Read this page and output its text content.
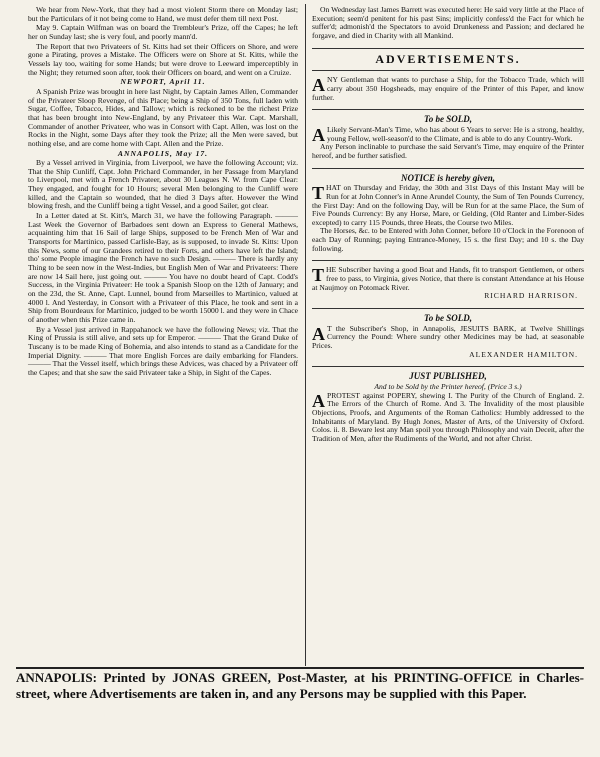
We hear from New-York, that they had a most violent Storm there on Monday last; but the Particulars of it not being come to Hand, we must defer them till next Post.

May 9. Captain Wilfman was on board the Trembleur's Prize, off the Capes; he left her on Sunday last; she is very foul, and poorly mann'd.

The Report that two Privateers of St. Kitts had set their Officers on Shore, and were gone a Pirating, proves a Mistake. The Officers were on Shore at St. Kitts, while the Vessels lay too, waiting for some Hands; but were drove to Leeward imperceptibly in the Night; they returned soon after, took their Officers on board, and went on a Cruize.

NEWPORT, April 11.

A Spanish Prize was brought in here last Night, by Captain James Allen, Commander of the Privateer Sloop Revenge, of this Place; being a Ship of 350 Tons, full laden with Sugar, Coffee, Tobacco, Hides, and Tallow; which is reckoned to be the richest Prize that has been brought into New-England, by any Privateer this War. Capt. Marshall, Commander of another Privateer, who was in Consort with Capt. Allen, was lost on the Rocks in the Night, some Days after they took the Prize; all the Men were saved, but nothing else, and are come home with Capt. Allen and the Prize.

ANNAPOLIS, May 17.

By a Vessel arrived in Virginia, from Liverpool, we have the following Account; viz. That the Ship Cunliff, Capt. John Prichard Commander, in her Passage from Maryland to Liverpool, met with a French Privateer, about 30 Leagues N. W. from Cape Clear: They engaged, and fought for 10 Hours; several Men belonging to the Cunliff were killed, and the Captain so wounded, that he died 3 Days after. However the Wind blowing fresh, and the Cunliff being a tight Vessel, and a good Sailer, got clear.

In a Letter dated at St. Kitt's, March 31, we have the following Paragraph. ——— Last Week the Governor of Barbadoes sent down an Express to General Mathews, acquainting him that 16 Sail of large Ships, supposed to be French Men of War and Transports for Martinico, passed Carlisle-Bay, as is supposed, to invade St. Kitts: Upon this News, some of our Grandees retired to their Forts, and others have left the Island; tho' some People imagine the French have no such Design. ——— There is hardly any Thing to be seen now in the West-Indies, but English Men of War and Privateers: There are now 14 Sail here, just going out. ——— You have no doubt heard of Capt. Codd's Success, in the Virginia Privateer: He took a Spanish Sloop on the 12th of January; and on the 23d, the St. Anne, Capt. Lunnel, bound from Marseilles to Martinico, valued at 4000 l. And Yesterday, in Consort with a Privateer of this Place, he took and sent in a Ship from Bourdeaux for Martinico, judged to be worth 15000 l. and they were in Chace of another when this Prize came in.

By a Vessel just arrived in Rappahanock we have the following News; viz. That the King of Prussia is still alive, and sets up for Emperor. ——— That the Grand Duke of Tuscany is to be made King of Bohemia, and also intends to stand as a Candidate for the Imperial Dignity. ——— That more English Forces are daily embarking for Flanders. ——— That the Vessel itself, which brings these Advices, was chaced by a Privateer off the Capes; and that she saw the said Privateer take a Ship, in Sight of the Capes.

On Wednesday last James Barrett was executed here: He said very little at the Place of Execution; seem'd penitent for his past Sins; implicitly confess'd the Fact for which he suffer'd; admonish'd the Spectators to avoid Drunkeness and Passion; and declared he forgave, and died in Charity with all Mankind.

ADVERTISEMENTS.
ANY Gentleman that wants to purchase a Ship, for the Tobacco Trade, which will carry about 350 Hogsheads, may enquire of the Printer of this Paper, and know further.
To be SOLD,
A Likely Servant-Man's Time, who has about 6 Years to serve: He is a strong, healthy, young Fellow, well-season'd to the Climate, and is able to do any Country-Work.

Any Person inclinable to purchase the said Servant's Time, may enquire of the Printer hereof, and be further satisfied.

NOTICE is hereby given,
T HAT on Thursday and Friday, the 30th and 31st Days of this Instant May will be Run for at John Conner's in Anne Arundel County, the Sum of Ten Pounds Currency, the First Day: And on the following Day, will be Run for at the same Place, the Sum of Five Pounds Currency: By any Horse, Mare, or Gelding, (Old Ranter and Limber-Sides excepted) to carry 115 Pounds, three Heats, the Course two Miles.

The Horses, &c. to be Entered with John Conner, before 10 o'Clock in the Forenoon of each Day of Running; paying Entrance-Money, 15 s. the first Day; and 10 s. the Day following.

THE Subscriber having a good Boat and Hands, fit to transport Gentlemen, or others free to pass, to Virginia, gives Notice, that there is constant Attendance at his House at Naujmoy on Potomack River.
RICHARD HARRISON.
To be SOLD,
A T the Subscriber's Shop, in Annapolis, JESUITS BARK, at Twelve Shillings Currency the Pound: Where sundry other Medicines may be had, at seasonable Prices.
ALEXANDER HAMILTON.
JUST PUBLISHED,
And to be Sold by the Printer hereof, (Price 3 s.)
A PROTEST against POPERY, shewing I. The Purity of the Church of England. 2. The Errors of the Church of Rome. And 3. The Invalidity of the most plausible Objections, Proofs, and Arguments of the Roman Catholics: Humbly addressed to the Inhabitants of Maryland. By Hugh Jones, Master of Arts, of the University of Oxford. Colos. ii. 8. Beware lest any Man spoil you through Philosophy and vain Deceit, after the Tradition of Men, after the Rudiments of the World, and not after Christ.
ANNAPOLIS: Printed by JONAS GREEN, Post-Master, at his PRINTING-OFFICE in Charles-street, where Advertisements are taken in, and any Persons may be supplied with this Paper.
